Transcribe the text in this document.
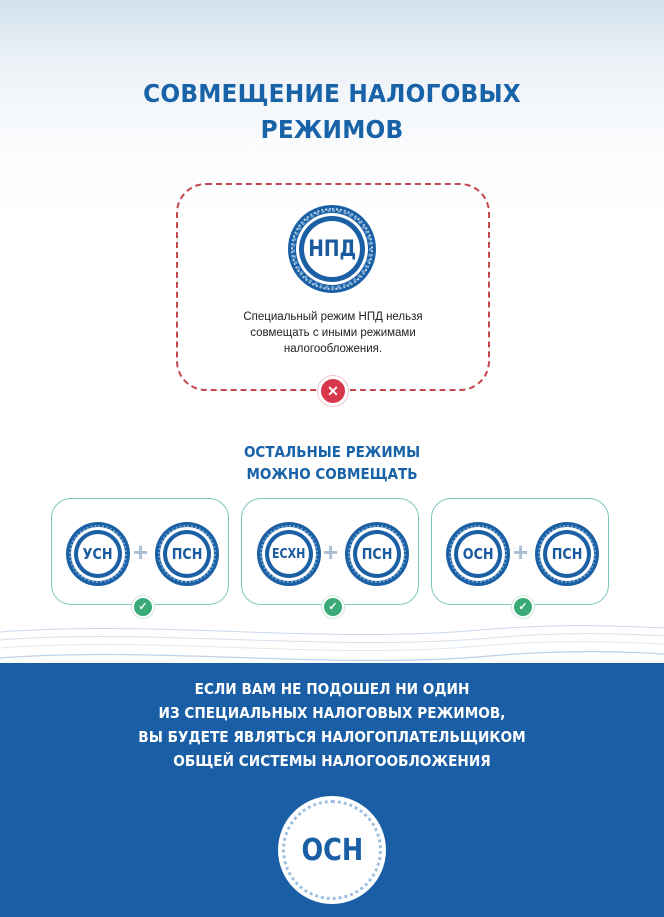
СОВМЕЩЕНИЕ НАЛОГОВЫХ
РЕЖИМОВ
НПД
Специальный режим НПД нельзя совмещать с иными режимами налогообложения.
✕
ОСТАЛЬНЫЕ РЕЖИМЫ
МОЖНО СОВМЕЩАТЬ
УСН + ПСН
✓
ЕСХН + ПСН
✓
ОСН + ПСН
✓
ЕСЛИ ВАМ НЕ ПОДОШЕЛ НИ ОДИН
ИЗ СПЕЦИАЛЬНЫХ НАЛОГОВЫХ РЕЖИМОВ,
ВЫ БУДЕТЕ ЯВЛЯТЬСЯ НАЛОГОПЛАТЕЛЬЩИКОМ
ОБЩЕЙ СИСТЕМЫ НАЛОГООБЛОЖЕНИЯ
ОСН
